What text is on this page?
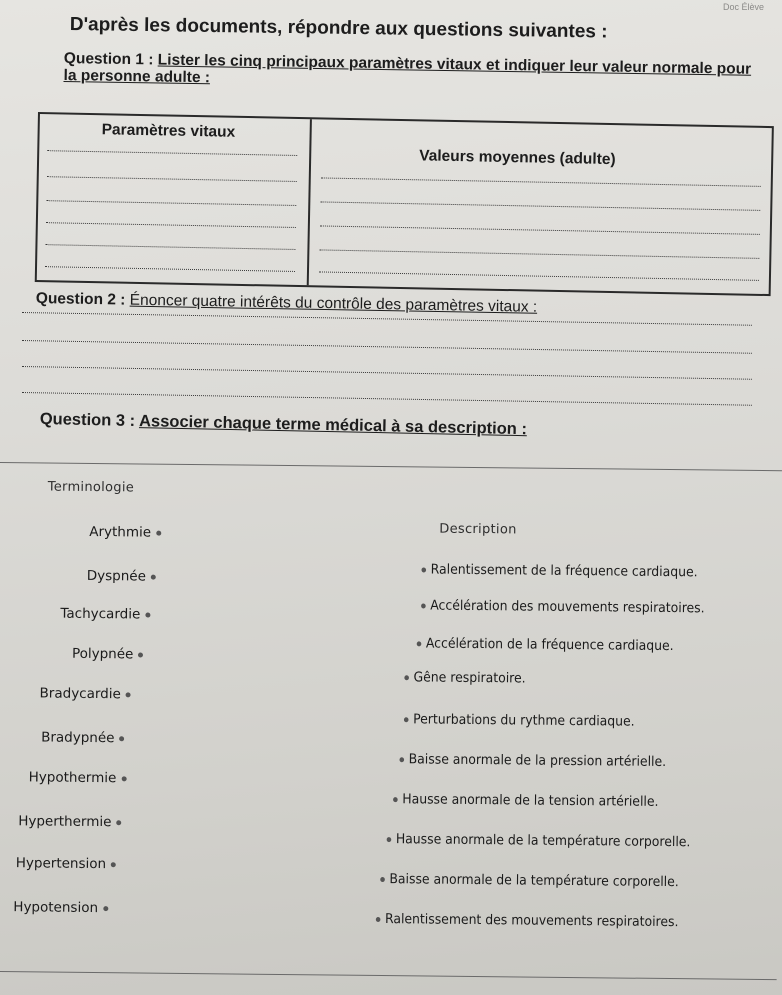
Doc Élève
D'après les documents, répondre aux questions suivantes :
Question 1 : Lister les cinq principaux paramètres vitaux et indiquer leur valeur normale pour la personne adulte :
Paramètres vitaux
Valeurs moyennes (adulte)
Question 2 : Énoncer quatre intérêts du contrôle des paramètres vitaux :
Question 3 : Associer chaque terme médical à sa description :
Terminologie
Description
Arythmie
Dyspnée
Tachycardie
Polypnée
Bradycardie
Bradypnée
Hypothermie
Hyperthermie
Hypertension
Hypotension
Ralentissement de la fréquence cardiaque.
Accélération des mouvements respiratoires.
Accélération de la fréquence cardiaque.
Gêne respiratoire.
Perturbations du rythme cardiaque.
Baisse anormale de la pression artérielle.
Hausse anormale de la tension artérielle.
Hausse anormale de la température corporelle.
Baisse anormale de la température corporelle.
Ralentissement des mouvements respiratoires.
